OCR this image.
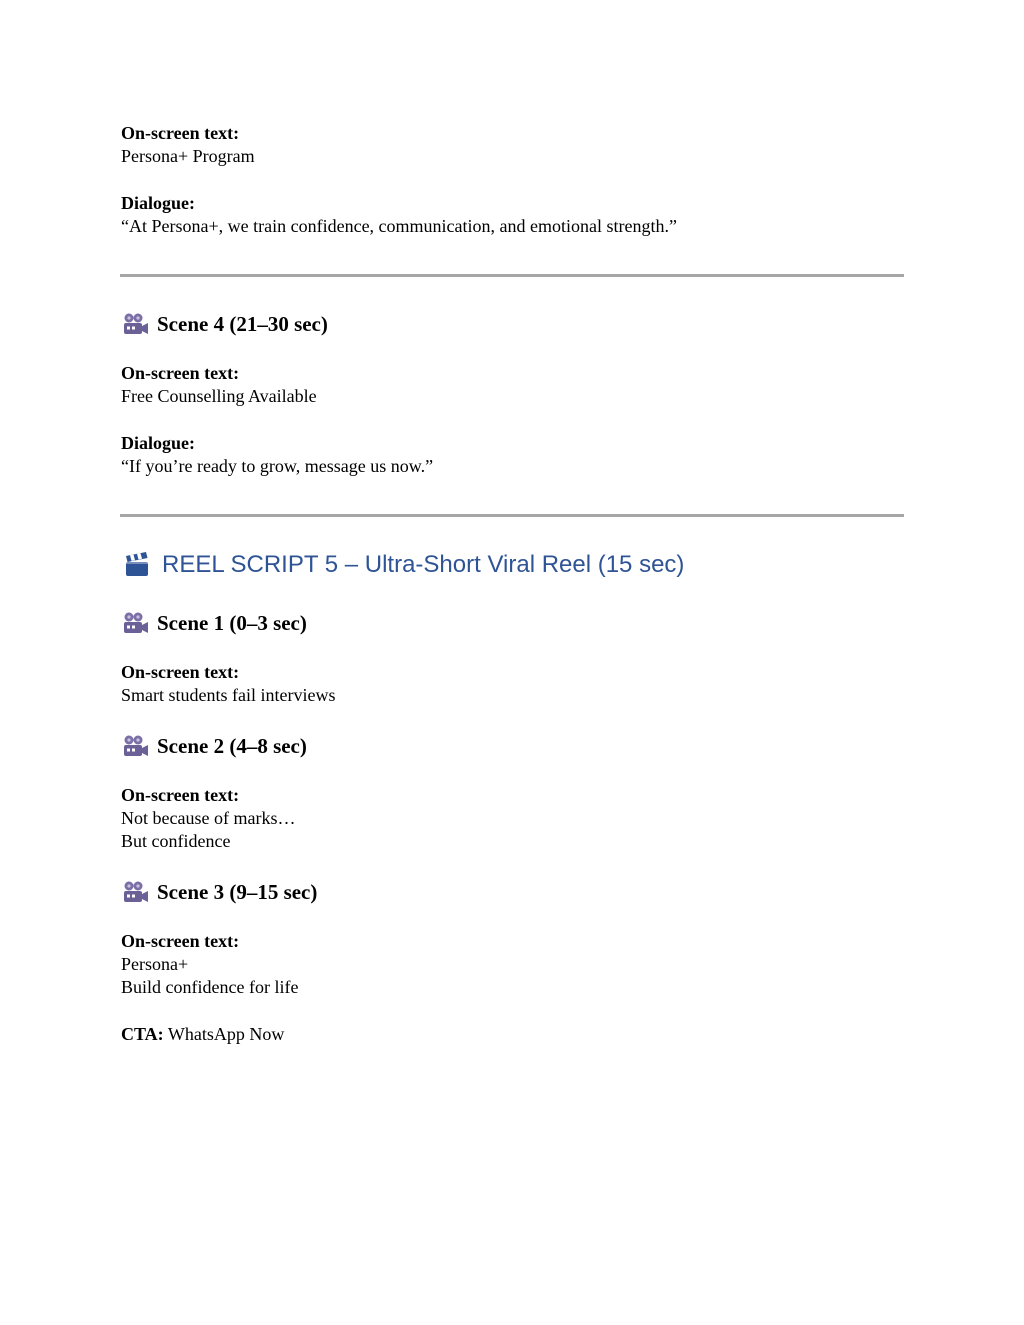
On-screen text:
Persona+ Program
Dialogue:
“At Persona+, we train confidence, communication, and emotional strength.”
Scene 4 (21–30 sec)
On-screen text:
Free Counselling Available
Dialogue:
“If you’re ready to grow, message us now.”
REEL SCRIPT 5 – Ultra-Short Viral Reel (15 sec)
Scene 1 (0–3 sec)
On-screen text:
Smart students fail interviews
Scene 2 (4–8 sec)
On-screen text:
Not because of marks…
But confidence
Scene 3 (9–15 sec)
On-screen text:
Persona+
Build confidence for life
CTA: WhatsApp Now
